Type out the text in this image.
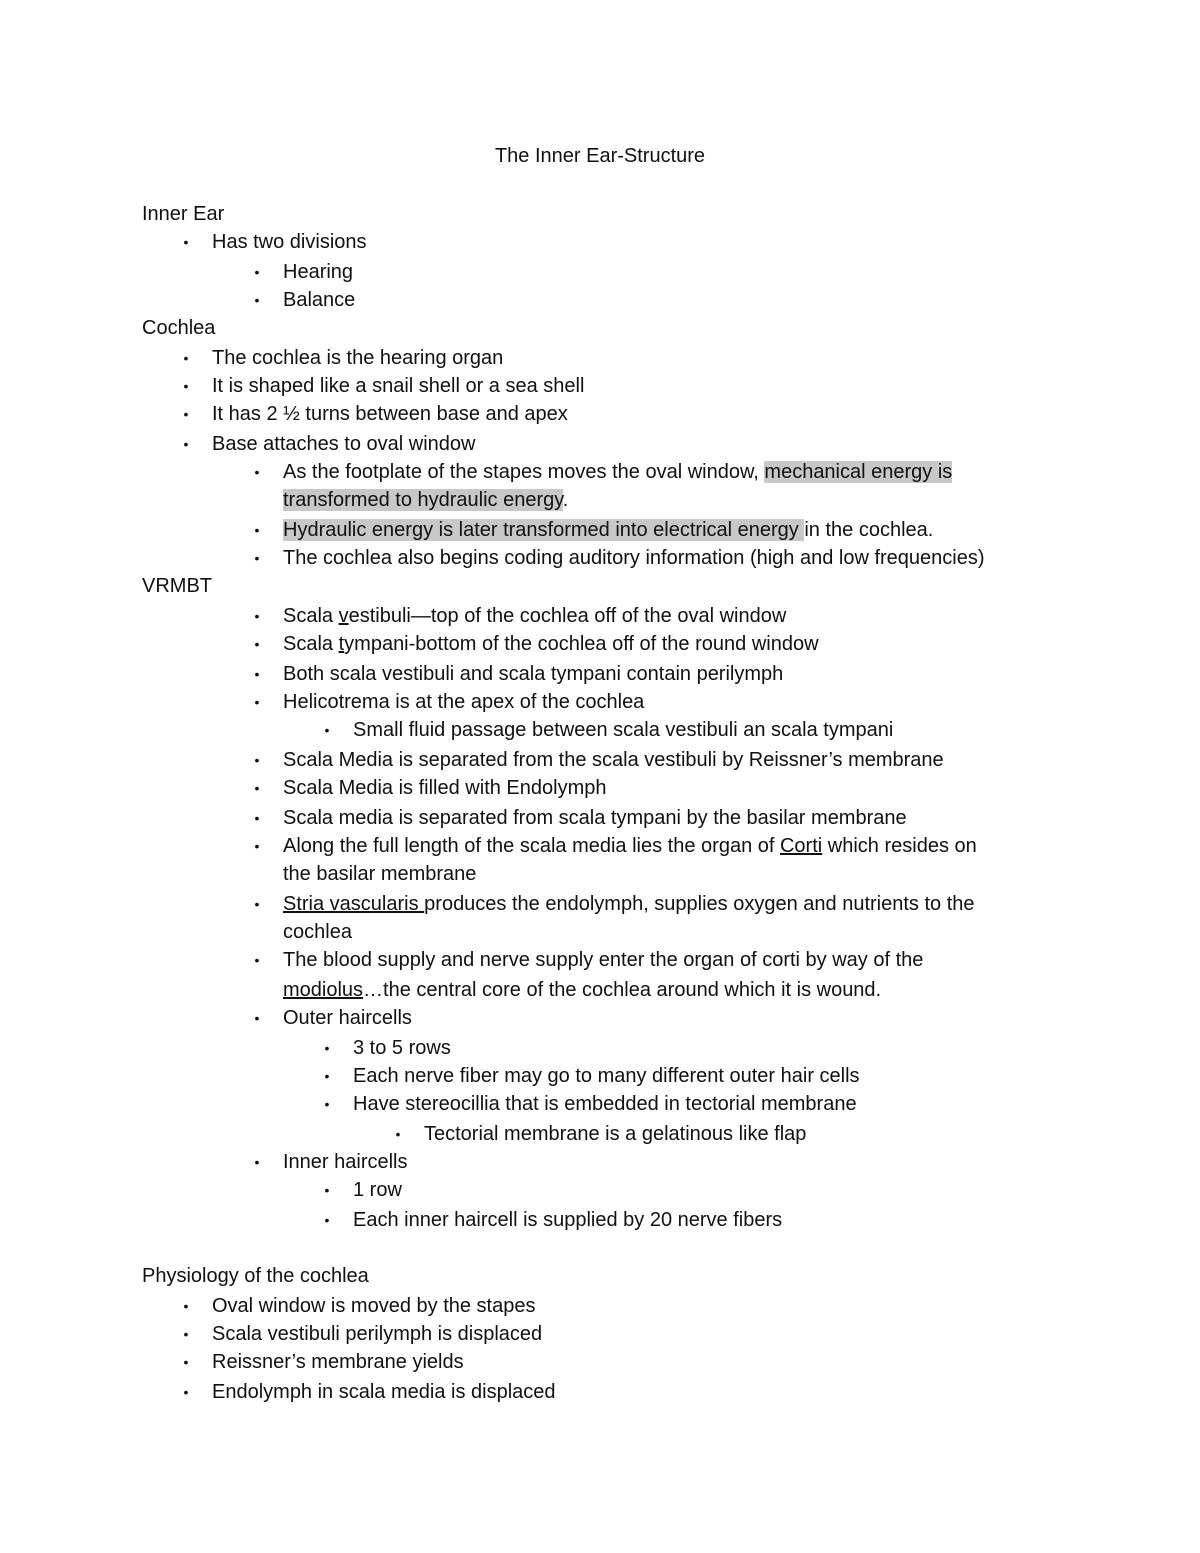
The Inner Ear-Structure
Inner Ear
• Has two divisions
• Hearing
• Balance
Cochlea
• The cochlea is the hearing organ
• It is shaped like a snail shell or a sea shell
• It has 2 ½ turns between base and apex
• Base attaches to oval window
• As the footplate of the stapes moves the oval window, mechanical energy is
transformed to hydraulic energy.
• Hydraulic energy is later transformed into electrical energy in the cochlea.
• The cochlea also begins coding auditory information (high and low frequencies)
VRMBT
• Scala vestibuli—top of the cochlea off of the oval window
• Scala tympani-bottom of the cochlea off of the round window
• Both scala vestibuli and scala tympani contain perilymph
• Helicotrema is at the apex of the cochlea
• Small fluid passage between scala vestibuli an scala tympani
• Scala Media is separated from the scala vestibuli by Reissner’s membrane
• Scala Media is filled with Endolymph
• Scala media is separated from scala tympani by the basilar membrane
• Along the full length of the scala media lies the organ of Corti which resides on
the basilar membrane
• Stria vascularis produces the endolymph, supplies oxygen and nutrients to the
cochlea
• The blood supply and nerve supply enter the organ of corti by way of the
modiolus…the central core of the cochlea around which it is wound.
• Outer haircells
• 3 to 5 rows
• Each nerve fiber may go to many different outer hair cells
• Have stereocillia that is embedded in tectorial membrane
• Tectorial membrane is a gelatinous like flap
• Inner haircells
• 1 row
• Each inner haircell is supplied by 20 nerve fibers
Physiology of the cochlea
• Oval window is moved by the stapes
• Scala vestibuli perilymph is displaced
• Reissner’s membrane yields
• Endolymph in scala media is displaced
